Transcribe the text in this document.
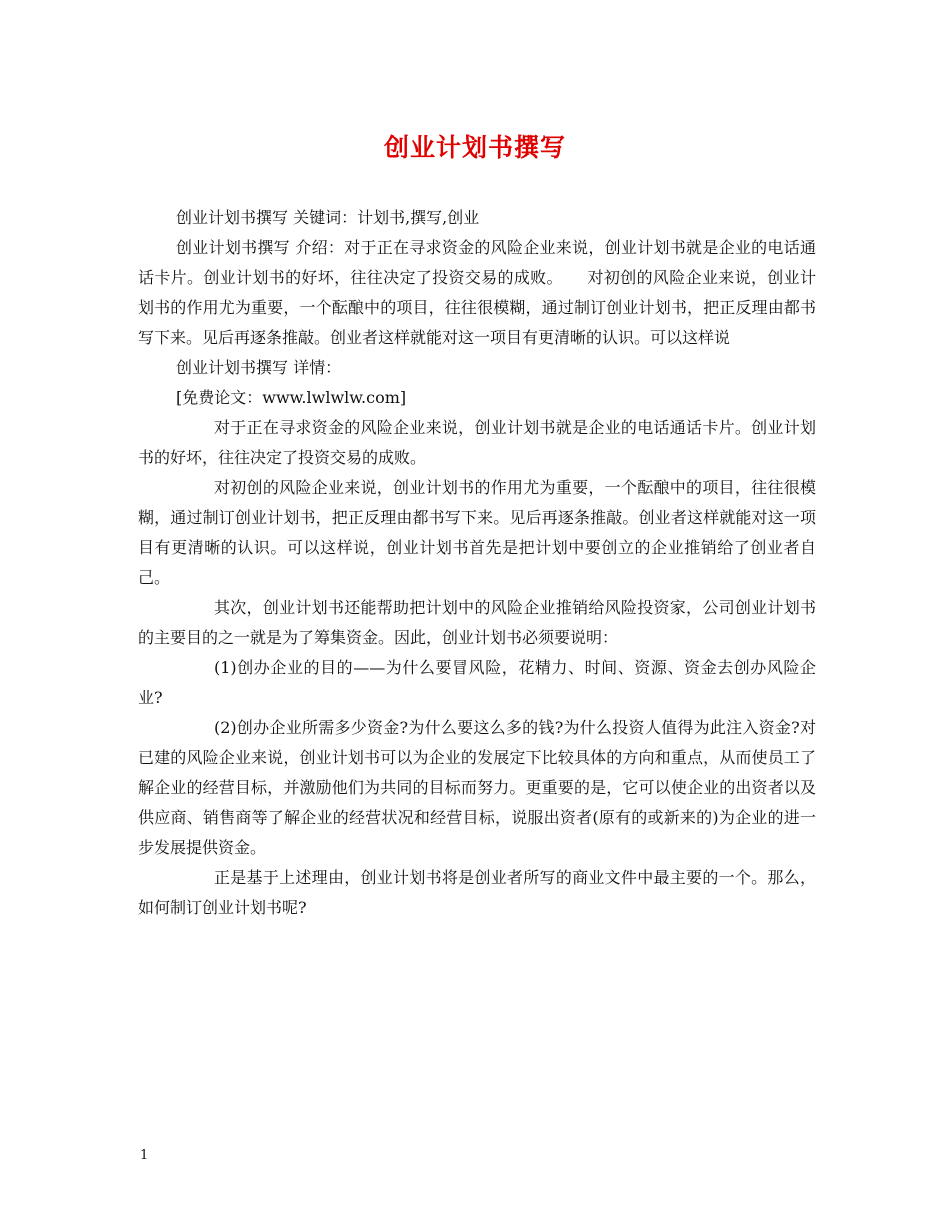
创业计划书撰写

创业计划书撰写 关键词：计划书,撰写,创业

创业计划书撰写 介绍：对于正在寻求资金的风险企业来说，创业计划书就是企业的电话通话卡片。创业计划书的好坏，往往决定了投资交易的成败。　　对初创的风险企业来说，创业计划书的作用尤为重要，一个酝酿中的项目，往往很模糊，通过制订创业计划书，把正反理由都书写下来。见后再逐条推敲。创业者这样就能对这一项目有更清晰的认识。可以这样说

创业计划书撰写 详情：

[免费论文：www.lwlwlw.com]

对于正在寻求资金的风险企业来说，创业计划书就是企业的电话通话卡片。创业计划书的好坏，往往决定了投资交易的成败。

对初创的风险企业来说，创业计划书的作用尤为重要，一个酝酿中的项目，往往很模糊，通过制订创业计划书，把正反理由都书写下来。见后再逐条推敲。创业者这样就能对这一项目有更清晰的认识。可以这样说，创业计划书首先是把计划中要创立的企业推销给了创业者自己。

其次，创业计划书还能帮助把计划中的风险企业推销给风险投资家，公司创业计划书的主要目的之一就是为了筹集资金。因此，创业计划书必须要说明：

(1)创办企业的目的——为什么要冒风险，花精力、时间、资源、资金去创办风险企业?

(2)创办企业所需多少资金?为什么要这么多的钱?为什么投资人值得为此注入资金?对已建的风险企业来说，创业计划书可以为企业的发展定下比较具体的方向和重点，从而使员工了解企业的经营目标，并激励他们为共同的目标而努力。更重要的是，它可以使企业的出资者以及供应商、销售商等了解企业的经营状况和经营目标，说服出资者(原有的或新来的)为企业的进一步发展提供资金。

正是基于上述理由，创业计划书将是创业者所写的商业文件中最主要的一个。那么，如何制订创业计划书呢?

1
